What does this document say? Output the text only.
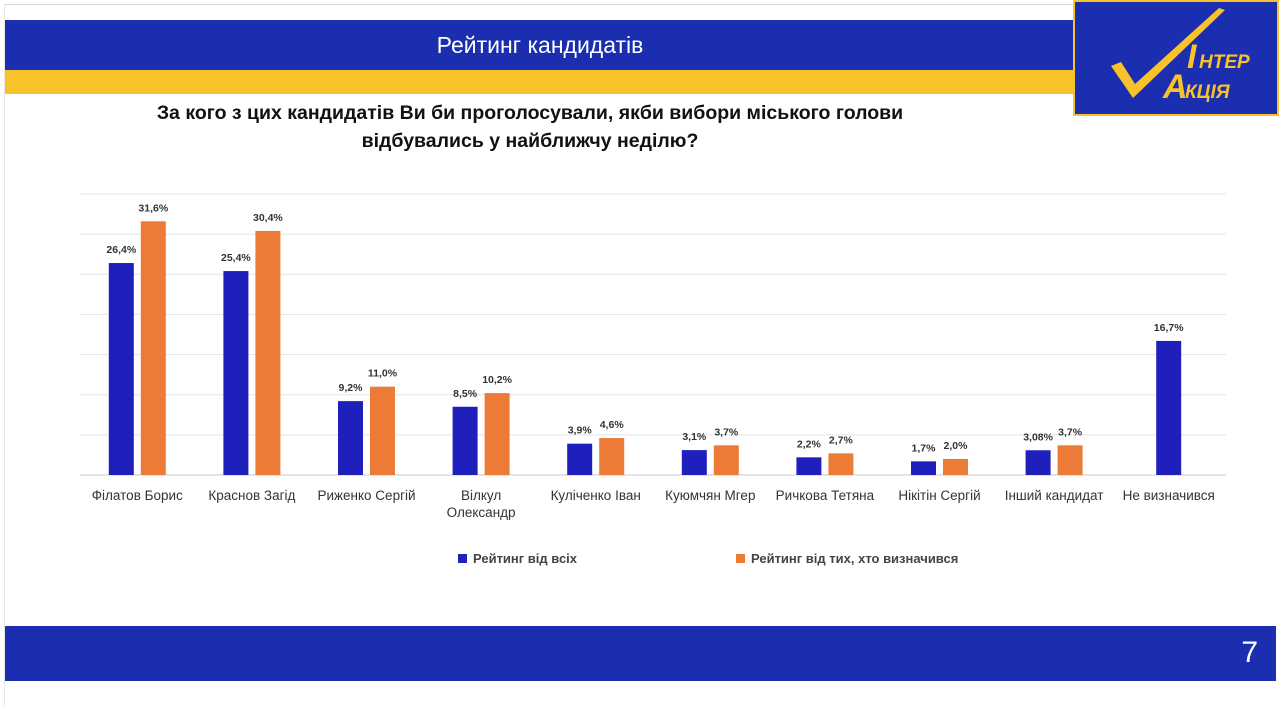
Рейтинг кандидатів	І НТЕР
А
КЦІЯ
За кого з цих кандидатів Ви би проголосували, якби вибори міського голови
відбувались у найближчу неділю?
26,4%
31,6%
Філатов Борис
25,4%
30,4%
Краснов Загід
9,2%
11,0%
Риженко Сергій
8,5%
10,2%
Вілкул
Олександр
3,9% 4,6%
Куліченко Іван
3,1% 3,7%
Куюмчян Мгер
2,2% 2,7%
Ричкова Тетяна
1,7% 2,0%
Нікітін Сергій
3,08% 3,7%
Інший кандидат
16,7%
Не визначився
Рейтинг від всіх	Рейтинг від тих, хто визначився
7
